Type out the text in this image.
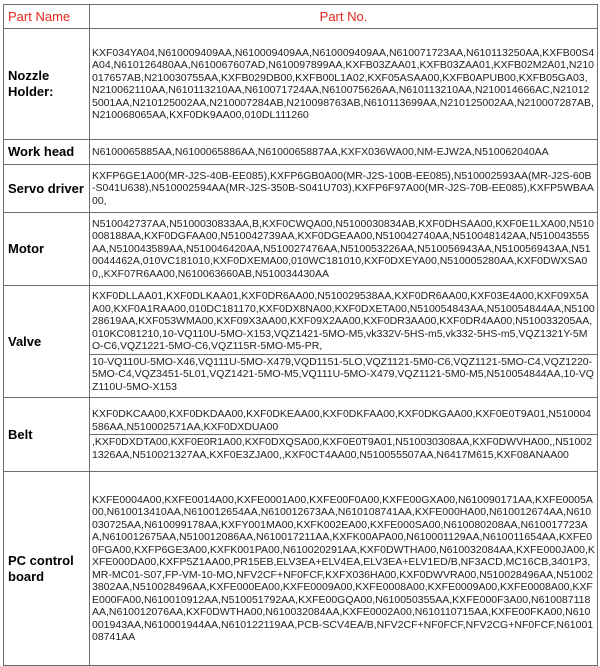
Part Name	Part No.
Nozzle Holder:	KXF034YA04,N610009409AA,N610009409AA,N610009409AA,N610071723AA,N610113250AA,KXFB00S4A04,N610126480AA,N610067607AD,N610097899AA,KXFB03ZAA01,KXFB03ZAA01,KXFB02M2A01,N210017657AB,N210030755AA,KXFB029DB00,KXFB00L1A02,KXF05ASAA00,KXFB0APUB00,KXFB05GA03,N210062110AA,N610113210AA,N610071724AA,N610075626AA,N610113210AA,N210014666AC,N210125001AA,N210125002AA,N210007284AB,N210098763AB,N610113699AA,N210125002AA,N210007287AB,N210068065AA,KXF0DK9AA00,010DL111260

Work head	N6100065885AA,N6100065886AA,N6100065887AA,KXFX036WA00,NM-EJW2A,N510062040AA

Servo driver	KXFP6GE1A00(MR-J2S-40B-EE085),KXFP6GB0A00(MR-J2S-100B-EE085),N510002593AA(MR-J2S-60B-S041U638),N510002594AA(MR-J2S-350B-S041U703),KXFP6F97A00(MR-J2S-70B-EE085),KXFP5WBAA00,

Motor	N510042737AA,N5100030833AA,B,KXF0CWQA00,N5100030834AB,KXF0DHSAA00,KXF0E1LXA00,N510008188AA,KXF0DGFAA00,N510042739AA,KXF0DGEAA00,N510042740AA,N510048142AA,N510043555AA,N510043589AA,N510046420AA,N510027476AA,N510053226AA,N510056943AA,N510056943AA,N510044462A,010VC181010,KXF0DXEMA00,010WC181010,KXF0DXEYA00,N510005280AA,KXF0DWXSA00,,KXF07R6AA00,N610063660AB,N510034430AA

Valve	KXF0DLLAA01,KXF0DLKAA01,KXF0DR6AA00,N510029538AA,KXF0DR6AA00,KXF03E4A00,KXF09X5AA00,KXF0A1RAA00,010DC181170,KXF0DX8NA00,KXF0DXETA00,N510054843AA,N510054844AA,N510028619AA,KXF053WMA00,KXF09X3AA00,KXF09X2AA00,KXF0DR3AA00,KXF0DR4AA00,N510033205AA,010KC081210,10-VQ110U-5MO-X153,VQZ1421-5MO-M5,vk332V-5HS-m5,vk332-5HS-m5,VQZ1321Y-5MO-C6,VQZ1221-5MO-C6,VQZ115R-5MO-M5-PR,
10-VQ110U-5MO-X46,VQ111U-5MO-X479,VQD1151-5LO,VQZ1121-5M0-C6,VQZ1121-5MO-C4,VQZ1220-5MO-C4,VQZ3451-5L01,VQZ1421-5MO-M5,VQ111U-5MO-X479,VQZ1121-5M0-M5,N510054844AA,10-VQZ110U-5MO-X153

Belt	KXF0DKCAA00,KXF0DKDAA00,KXF0DKEAA00,KXF0DKFAA00,KXF0DKGAA00,KXF0E0T9A01,N510004586AA,N510002571AA,KXF0DXDUA00
,KXF0DXDTA00,KXF0E0R1A00,KXF0DXQSA00,KXF0E0T9A01,N510030308AA,KXF0DWVHA00,,N510021326AA,N510021327AA,KXF0E3ZJA00,,KXF0CT4AA00,N510055507AA,N6417M615,KXF08ANAA00

PC control board	KXFE0004A00,KXFE0014A00,KXFE0001A00,KXFE00F0A00,KXFE00GXA00,N610090171AA,KXFE0005A00,N610013410AA,N610012654AA,N610012673AA,N610108741AA,KXFE000HA00,N610012674AA,N610030725AA,N610099178AA,KXFY001MA00,KXFK002EA00,KXFE000SA00,N610080208AA,N610017723AA,N610012675AA,N510012086AA,N610017211AA,KXFK00APA00,N610001129AA,N610011654AA,KXFE00FGA00,KXFP6GE3A00,KXFK001PA00,N610020291AA,KXF0DWTHA00,N610032084AA,KXFE000JA00,KXFE000DA00,KXFP5Z1AA00,PR15EB,ELV3EA+ELV4EA,ELV3EA+ELV1ED/B,NF3ACD,MC16CB,3401P3,MR-MC01-S07,FP-VM-10-MO,NFV2CF+NF0FCF,KXFX036HA00,KXF0DWVRA00,N510028496AA,N510023802AA,N510028496AA,KXFE000EA00,KXFE0009A00,KXFE0008A00,KXFE0009A00,KXFE0008A00,KXFE000FA00,N610010912AA,N510051792AA,KXFE00GQA00,N610050355AA,KXFE000F3A00,N610087118AA,N610012076AA,KXF0DWTHA00,N610032084AA,KXFE0002A00,N610110715AA,KXFE00FKA00,N610001943AA,N610001944AA,N610122119AA,PCB-SCV4EA/B,NFV2CF+NF0FCF,NFV2CG+NF0FCF,N6100108741AA
